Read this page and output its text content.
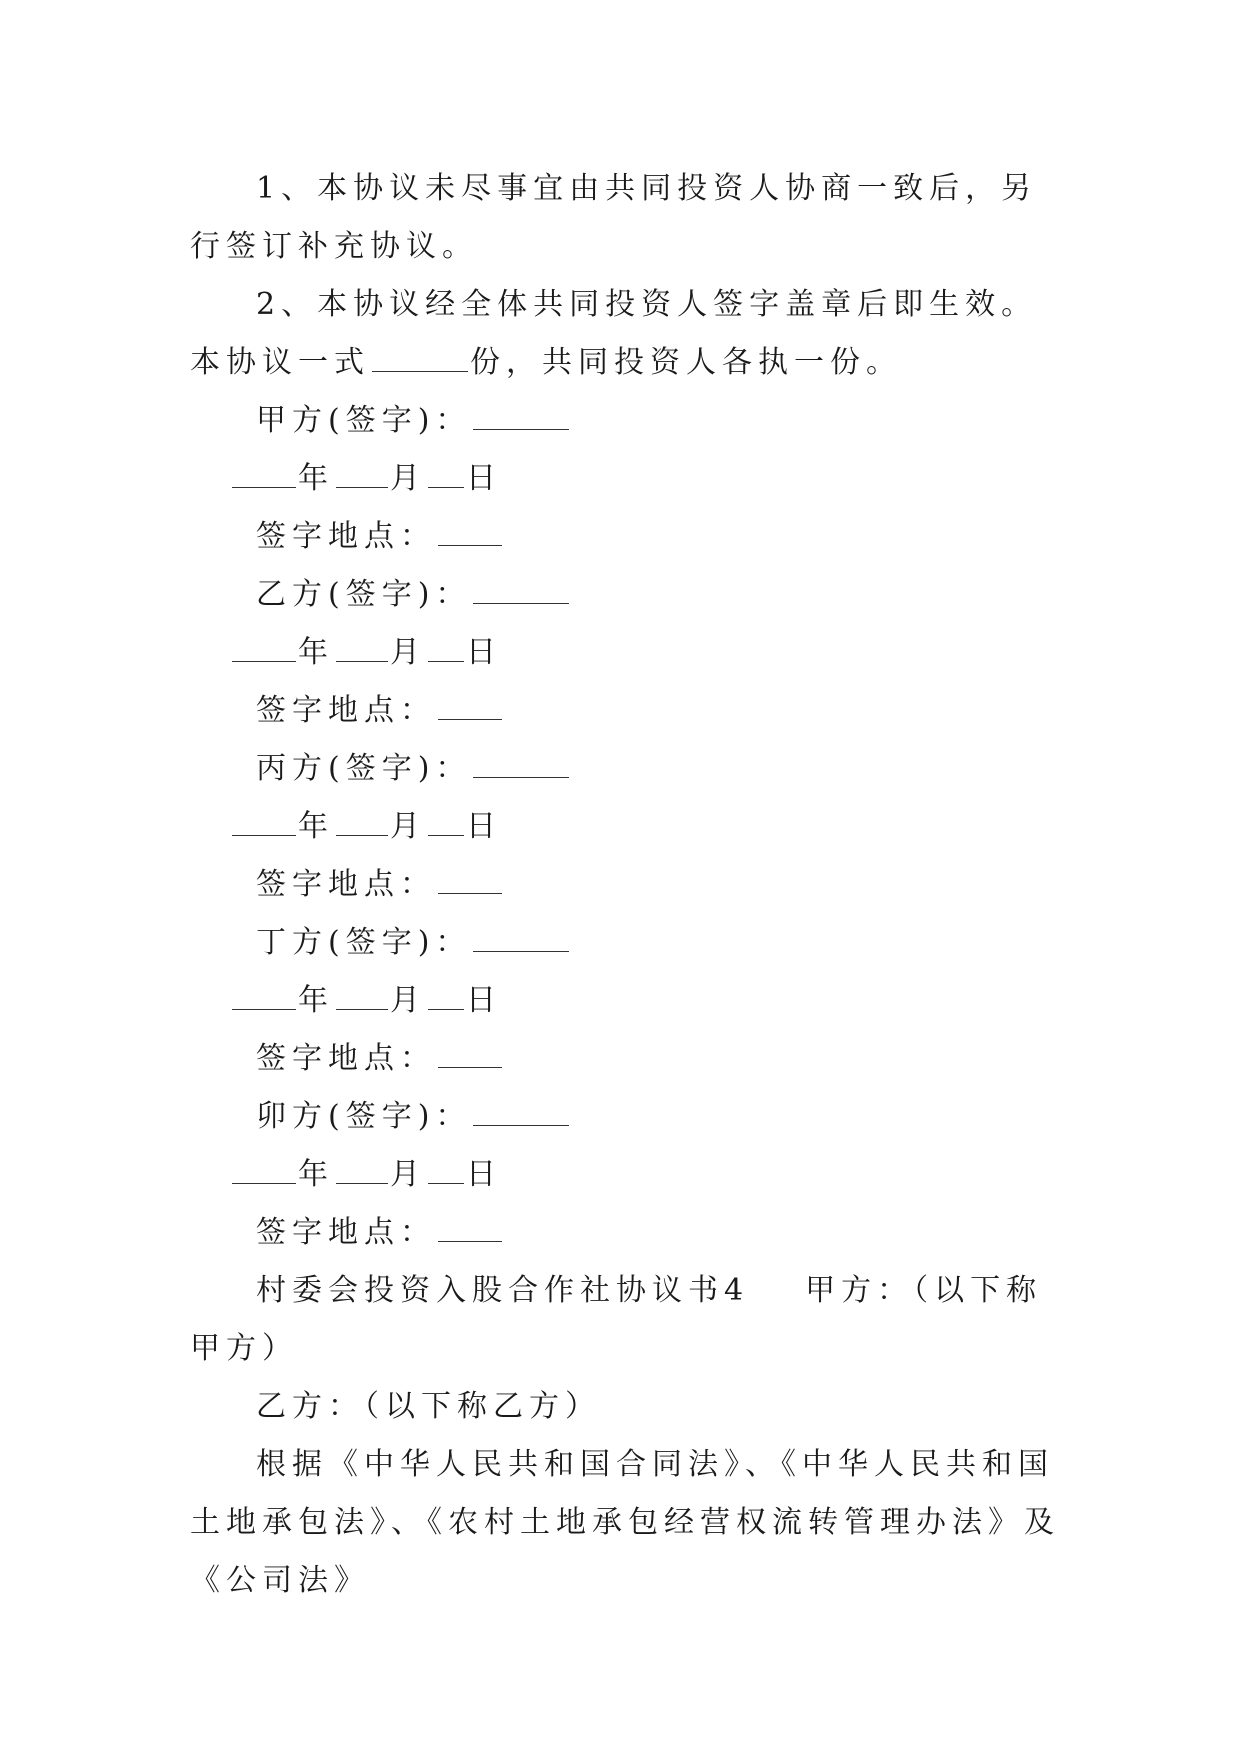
1、本协议未尽事宜由共同投资人协商一致后，另行签订补充协议。

2、本协议经全体共同投资人签字盖章后即生效。本协议一式	份，共同投资人各执一份。

甲方(签字)：

年 月 日

签字地点：

乙方(签字)：

年 月 日

签字地点：

丙方(签字)：

年 月 日

签字地点：

丁方(签字)：

年 月 日

签字地点：

卯方(签字)：

年 月 日

签字地点：

村委会投资入股合作社协议书4 甲方：（以下称甲方）

乙方：（以下称乙方）

根据《中华人民共和国合同法》、《中华人民共和国土地承包法》、《农村土地承包经营权流转管理办法》及《公司法》
